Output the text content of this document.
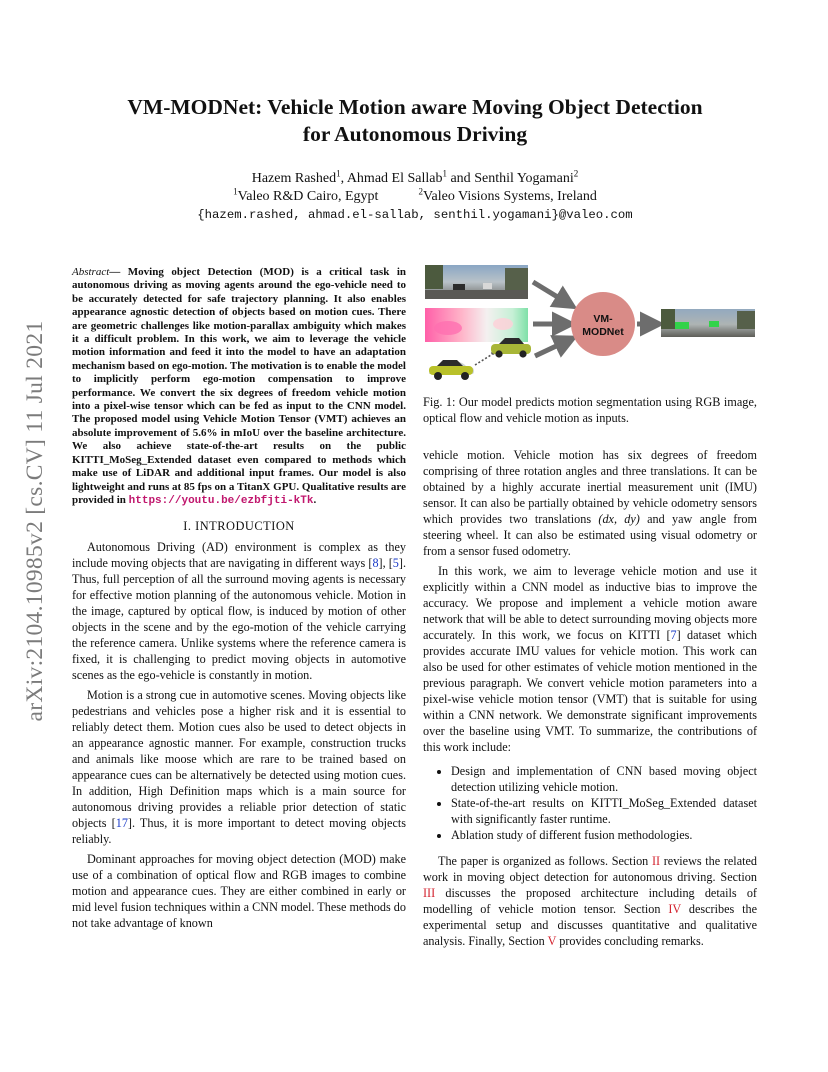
arXiv:2104.10985v2 [cs.CV] 11 Jul 2021
VM-MODNet: Vehicle Motion aware Moving Object Detection
for Autonomous Driving
Hazem Rashed$^1$, Ahmad El Sallab$^1$ and Senthil Yogamani$^2$
$^1$Valeo R&D Cairo, Egypt	$^2$Valeo Visions Systems, Ireland
{hazem.rashed, ahmad.el-sallab, senthil.yogamani}@valeo.com

Abstract— Moving object Detection (MOD) is a critical task in autonomous driving as moving agents around the ego-vehicle need to be accurately detected for safe trajectory planning. It also enables appearance agnostic detection of objects based on motion cues. There are geometric challenges like motion-parallax ambiguity which makes it a difficult problem. In this work, we aim to leverage the vehicle motion information and feed it into the model to have an adaptation mechanism based on ego-motion. The motivation is to enable the model to implicitly perform ego-motion compensation to improve performance. We convert the six degrees of freedom vehicle motion into a pixel-wise tensor which can be fed as input to the CNN model. The proposed model using Vehicle Motion Tensor (VMT) achieves an absolute improvement of 5.6% in mIoU over the baseline architecture. We also achieve state-of-the-art results on the public KITTI_MoSeg_Extended dataset even compared to methods which make use of LiDAR and additional input frames. Our model is also lightweight and runs at 85 fps on a TitanX GPU. Qualitative results are provided in https://youtu.be/ezbfjti-kTk.

I. INTRODUCTION

Autonomous Driving (AD) environment is complex as they include moving objects that are navigating in different ways [8], [5]. Thus, full perception of all the surround moving agents is necessary for effective motion planning of the autonomous vehicle. Motion in the image, captured by optical flow, is induced by motion of other objects in the scene and by the ego-motion of the vehicle carrying the reference camera. Unlike systems where the reference camera is fixed, it is challenging to predict moving objects in automotive scenes as the ego-vehicle is constantly in motion.

Motion is a strong cue in automotive scenes. Moving objects like pedestrians and vehicles pose a higher risk and it is essential to reliably detect them. Motion cues also be used to detect objects in an appearance agnostic manner. For example, construction trucks and animals like moose which are rare to be trained based on appearance cues can be alternatively be detected using motion cues. In addition, High Definition maps which is a main source for autonomous driving provides a reliable prior detection of static objects [17]. Thus, it is more important to detect moving objects reliably.

Dominant approaches for moving object detection (MOD) make use of a combination of optical flow and RGB images to combine motion and appearance cues. They are either combined in early or mid level fusion techniques within a CNN model. These methods do not take advantage of known

VM-
MODNet
Fig. 1: Our model predicts motion segmentation using RGB image, optical flow and vehicle motion as inputs.

vehicle motion. Vehicle motion has six degrees of freedom comprising of three rotation angles and three translations. It can be obtained by a highly accurate inertial measurement unit (IMU) sensor. It can also be partially obtained by vehicle odometry sensors which provides two translations (dx, dy) and yaw angle from steering wheel. It can also be estimated using visual odometry or from a sensor fused odometry.

In this work, we aim to leverage vehicle motion and use it explicitly within a CNN model as inductive bias to improve the accuracy. We propose and implement a vehicle motion aware network that will be able to detect surrounding moving objects more accurately. In this work, we focus on KITTI [7] dataset which provides accurate IMU values for vehicle motion. This work can also be used for other estimates of vehicle motion mentioned in the previous paragraph. We convert vehicle motion parameters into a pixel-wise vehicle motion tensor (VMT) that is suitable for using within a CNN network. We demonstrate significant improvements over the baseline using VMT. To summarize, the contributions of this work include:

• Design and implementation of CNN based moving object detection utilizing vehicle motion.
• State-of-the-art results on KITTI_MoSeg_Extended dataset with significantly faster runtime.
• Ablation study of different fusion methodologies.

The paper is organized as follows. Section II reviews the related work in moving object detection for autonomous driving. Section III discusses the proposed architecture including details of modelling of vehicle motion tensor. Section IV describes the experimental setup and discusses quantitative and qualitative analysis. Finally, Section V provides concluding remarks.
